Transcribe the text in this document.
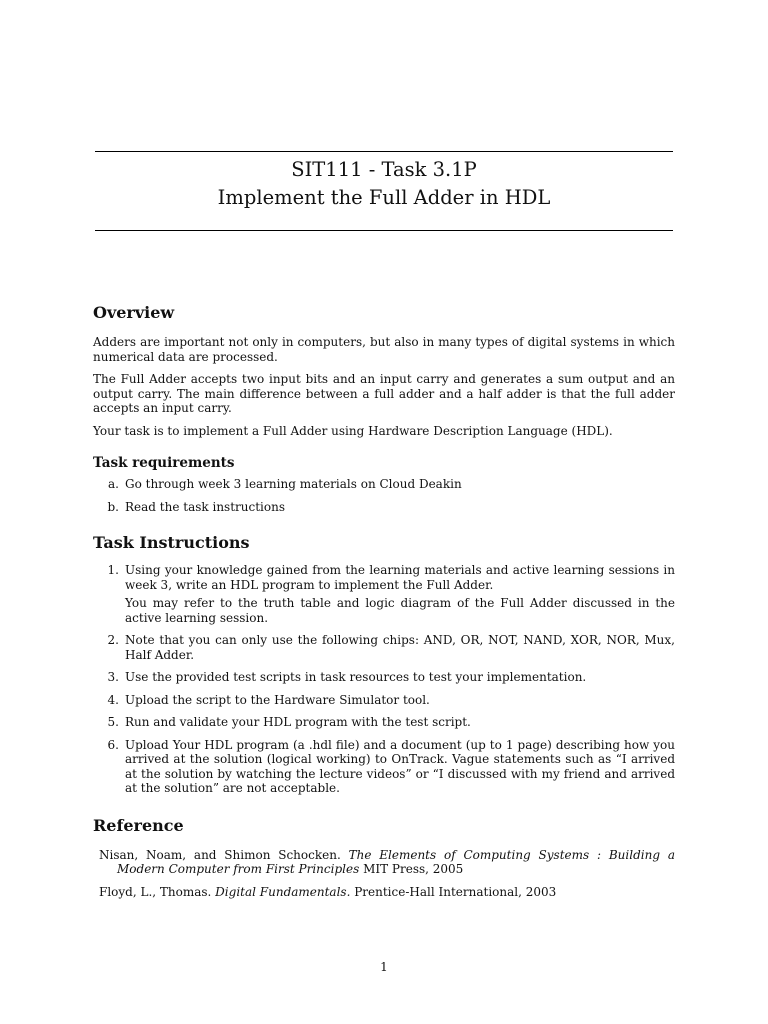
SIT111 - Task 3.1P
Implement the Full Adder in HDL
Overview

Adders are important not only in computers, but also in many types of digital systems in which numerical data are processed.

The Full Adder accepts two input bits and an input carry and generates a sum output and an output carry. The main difference between a full adder and a half adder is that the full adder accepts an input carry.

Your task is to implement a Full Adder using Hardware Description Language (HDL).

Task requirements
a. Go through week 3 learning materials on Cloud Deakin
b. Read the task instructions
Task Instructions
1. Using your knowledge gained from the learning materials and active learning sessions in week 3, write an HDL program to implement the Full Adder.
You may refer to the truth table and logic diagram of the Full Adder discussed in the active learning session.
2. Note that you can only use the following chips: AND, OR, NOT, NAND, XOR, NOR, Mux, Half Adder.
3. Use the provided test scripts in task resources to test your implementation.
4. Upload the script to the Hardware Simulator tool.
5. Run and validate your HDL program with the test script.
6. Upload Your HDL program (a .hdl file) and a document (up to 1 page) describing how you arrived at the solution (logical working) to OnTrack. Vague statements such as “I arrived at the solution by watching the lecture videos” or “I discussed with my friend and arrived at the solution” are not acceptable.
Reference

Nisan, Noam, and Shimon Schocken. The Elements of Computing Systems : Building a Modern Computer from First Principles MIT Press, 2005

Floyd, L., Thomas. Digital Fundamentals. Prentice-Hall International, 2003

1
